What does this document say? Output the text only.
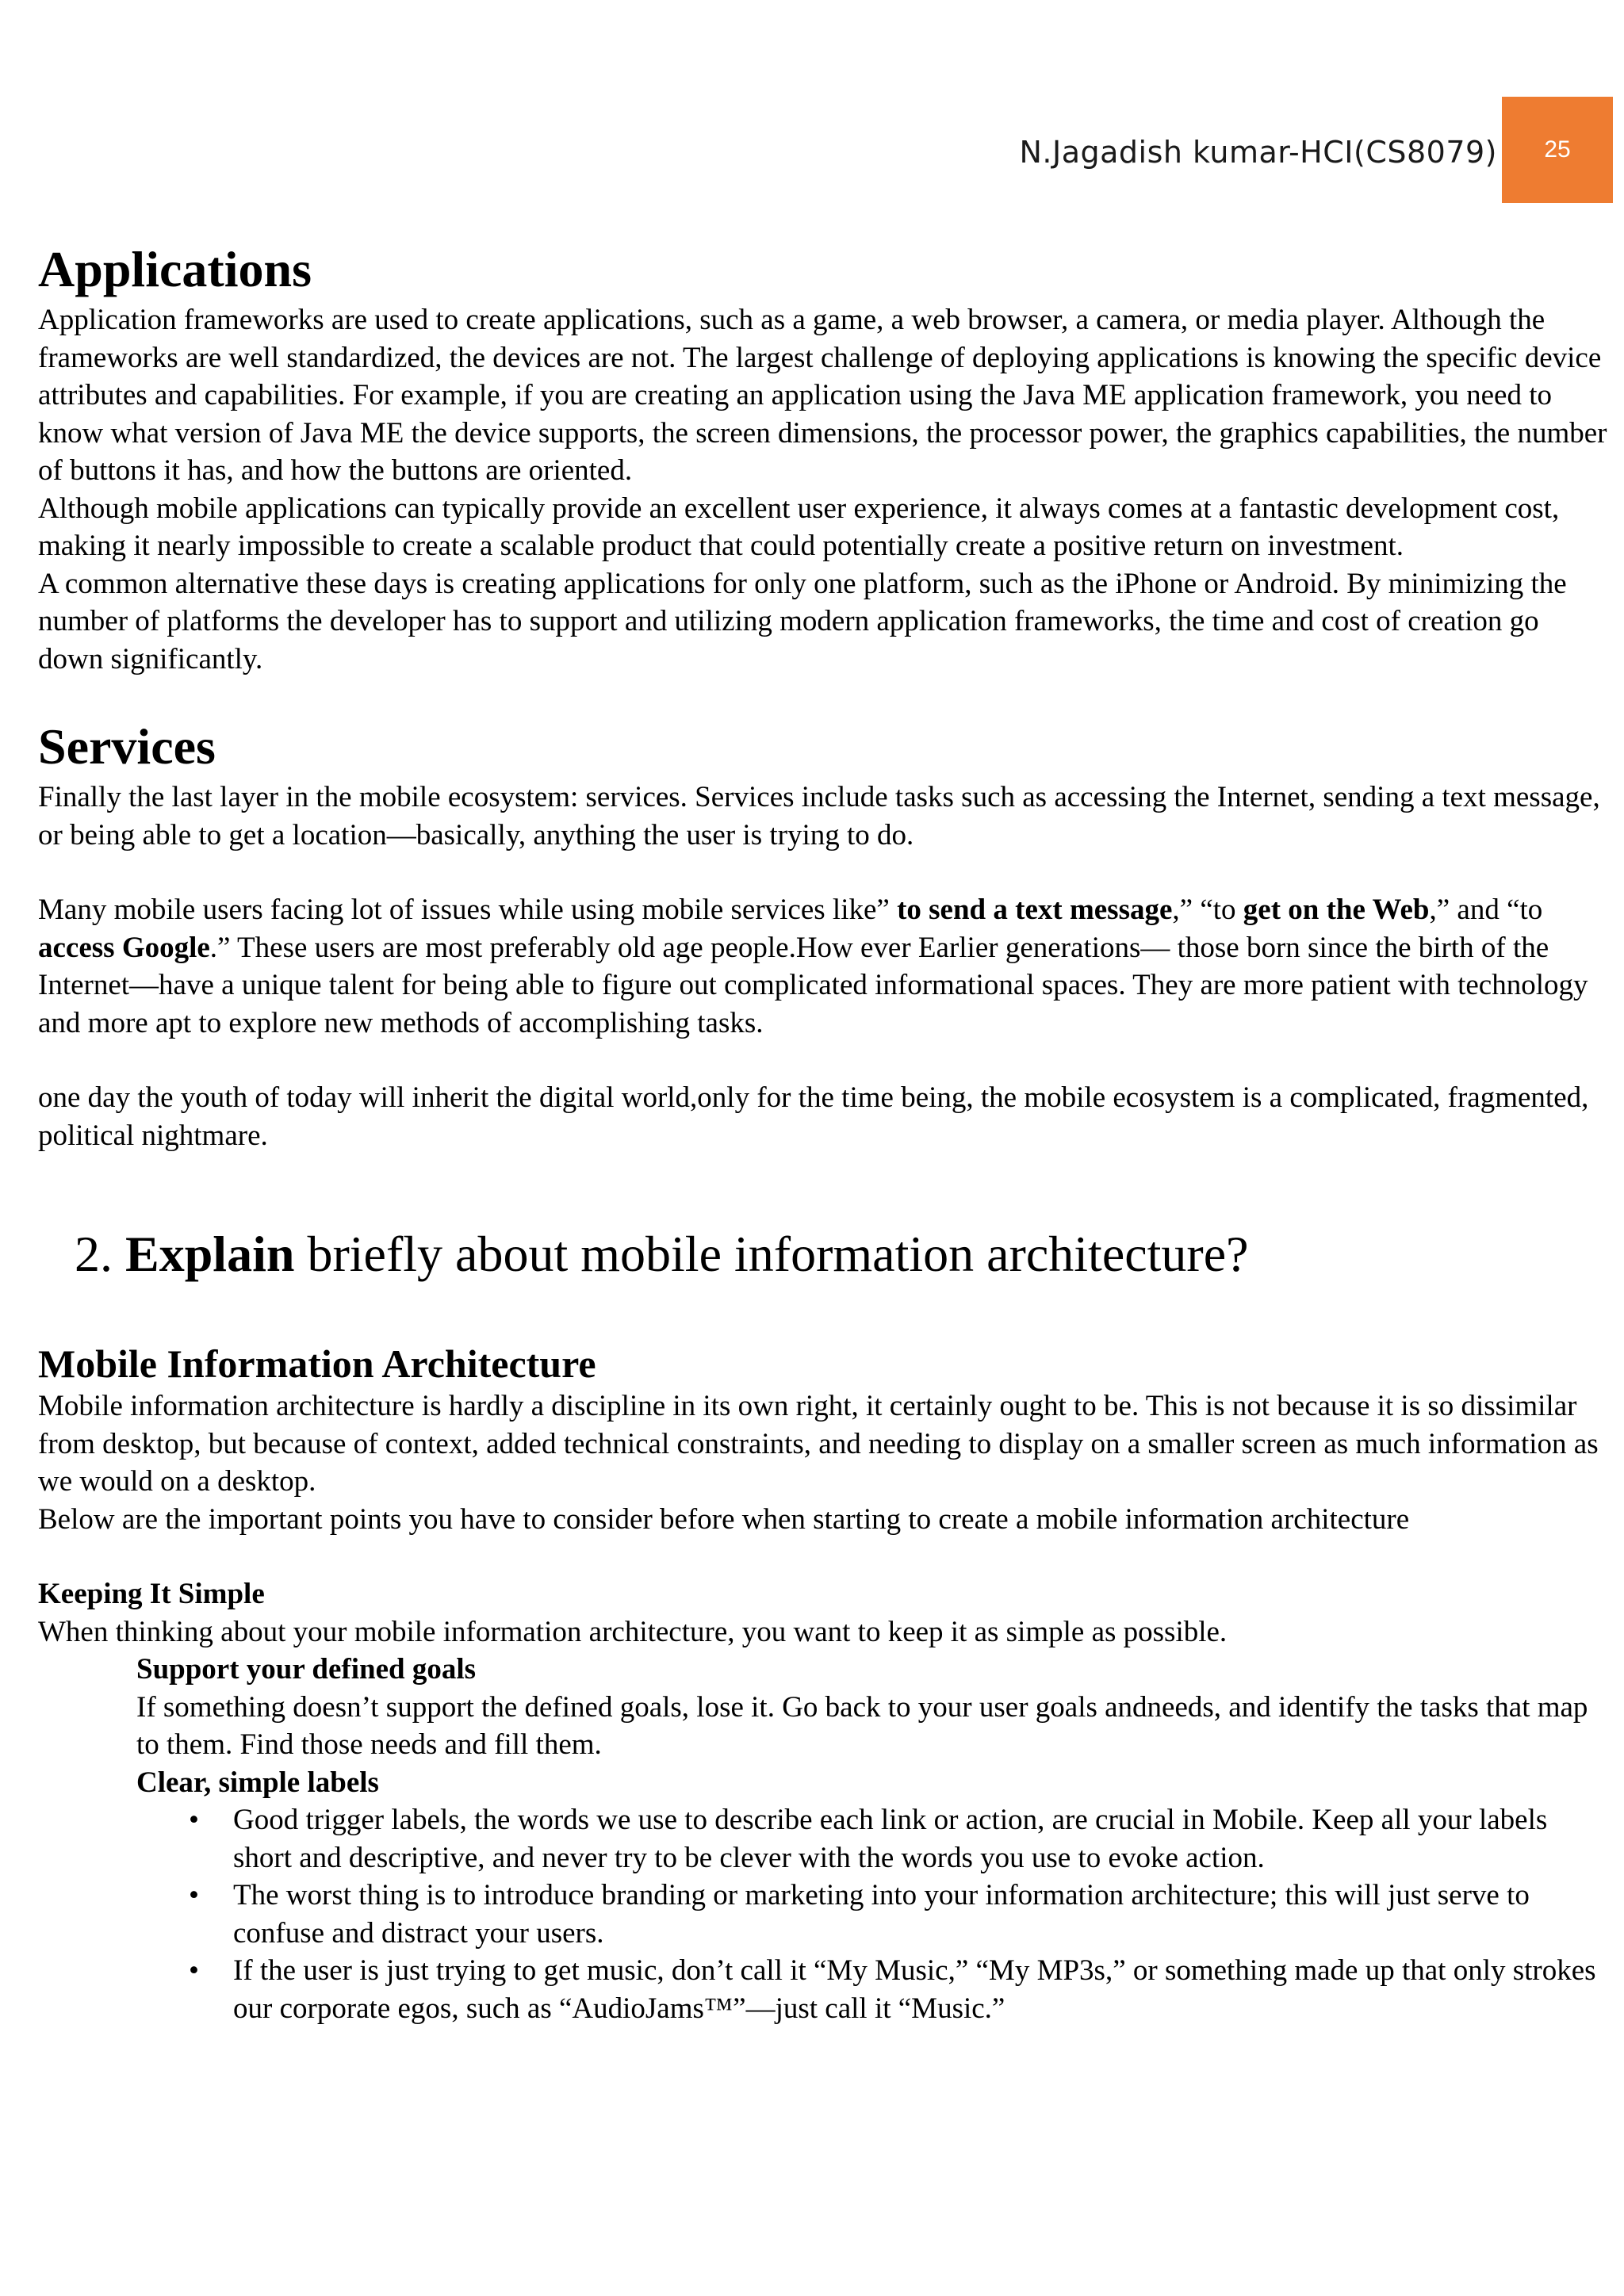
N.Jagadish kumar-HCI(CS8079)	25
Applications

Application frameworks are used to create applications, such as a game, a web browser, a camera, or media player. Although the frameworks are well standardized, the devices are not. The largest challenge of deploying applications is knowing the specific device attributes and capabilities. For example, if you are creating an application using the Java ME application framework, you need to know what version of Java ME the device supports, the screen dimensions, the processor power, the graphics capabilities, the number of buttons it has, and how the buttons are oriented.

Although mobile applications can typically provide an excellent user experience, it always comes at a fantastic development cost, making it nearly impossible to create a scalable product that could potentially create a positive return on investment.

A common alternative these days is creating applications for only one platform, such as the iPhone or Android. By minimizing the number of platforms the developer has to support and utilizing modern application frameworks, the time and cost of creation go

down significantly.

Services

Finally the last layer in the mobile ecosystem: services. Services include tasks such as accessing the Internet, sending a text message, or being able to get a location—basically, anything the user is trying to do.

Many mobile users facing lot of issues while using mobile services like” to send a text message,” “to get on the Web,” and “to access Google.” These users are most preferably old age people.How ever Earlier generations— those born since the birth of the Internet—have a unique talent for being able to figure out complicated informational spaces. They are more patient with technology and more apt to explore new methods of accomplishing tasks.

one day the youth of today will inherit the digital world,only for the time being, the mobile ecosystem is a complicated, fragmented, political nightmare.

2. Explain briefly about mobile information architecture?
Mobile Information Architecture

Mobile information architecture is hardly a discipline in its own right, it certainly ought to be. This is not because it is so dissimilar from desktop, but because of context, added technical constraints, and needing to display on a smaller screen as much information as we would on a desktop.

Below are the important points you have to consider before when starting to create a mobile information architecture

Keeping It Simple

When thinking about your mobile information architecture, you want to keep it as simple as possible.

Support your defined goals

If something doesn’t support the defined goals, lose it. Go back to your user goals andneeds, and identify the tasks that map to them. Find those needs and fill them.

Clear, simple labels

• Good trigger labels, the words we use to describe each link or action, are crucial in Mobile. Keep all your labels short and descriptive, and never try to be clever with the words you use to evoke action.
• The worst thing is to introduce branding or marketing into your information architecture; this will just serve to confuse and distract your users.
• If the user is just trying to get music, don’t call it “My Music,” “My MP3s,” or something made up that only strokes our corporate egos, such as “AudioJams™”—just call it “Music.”
